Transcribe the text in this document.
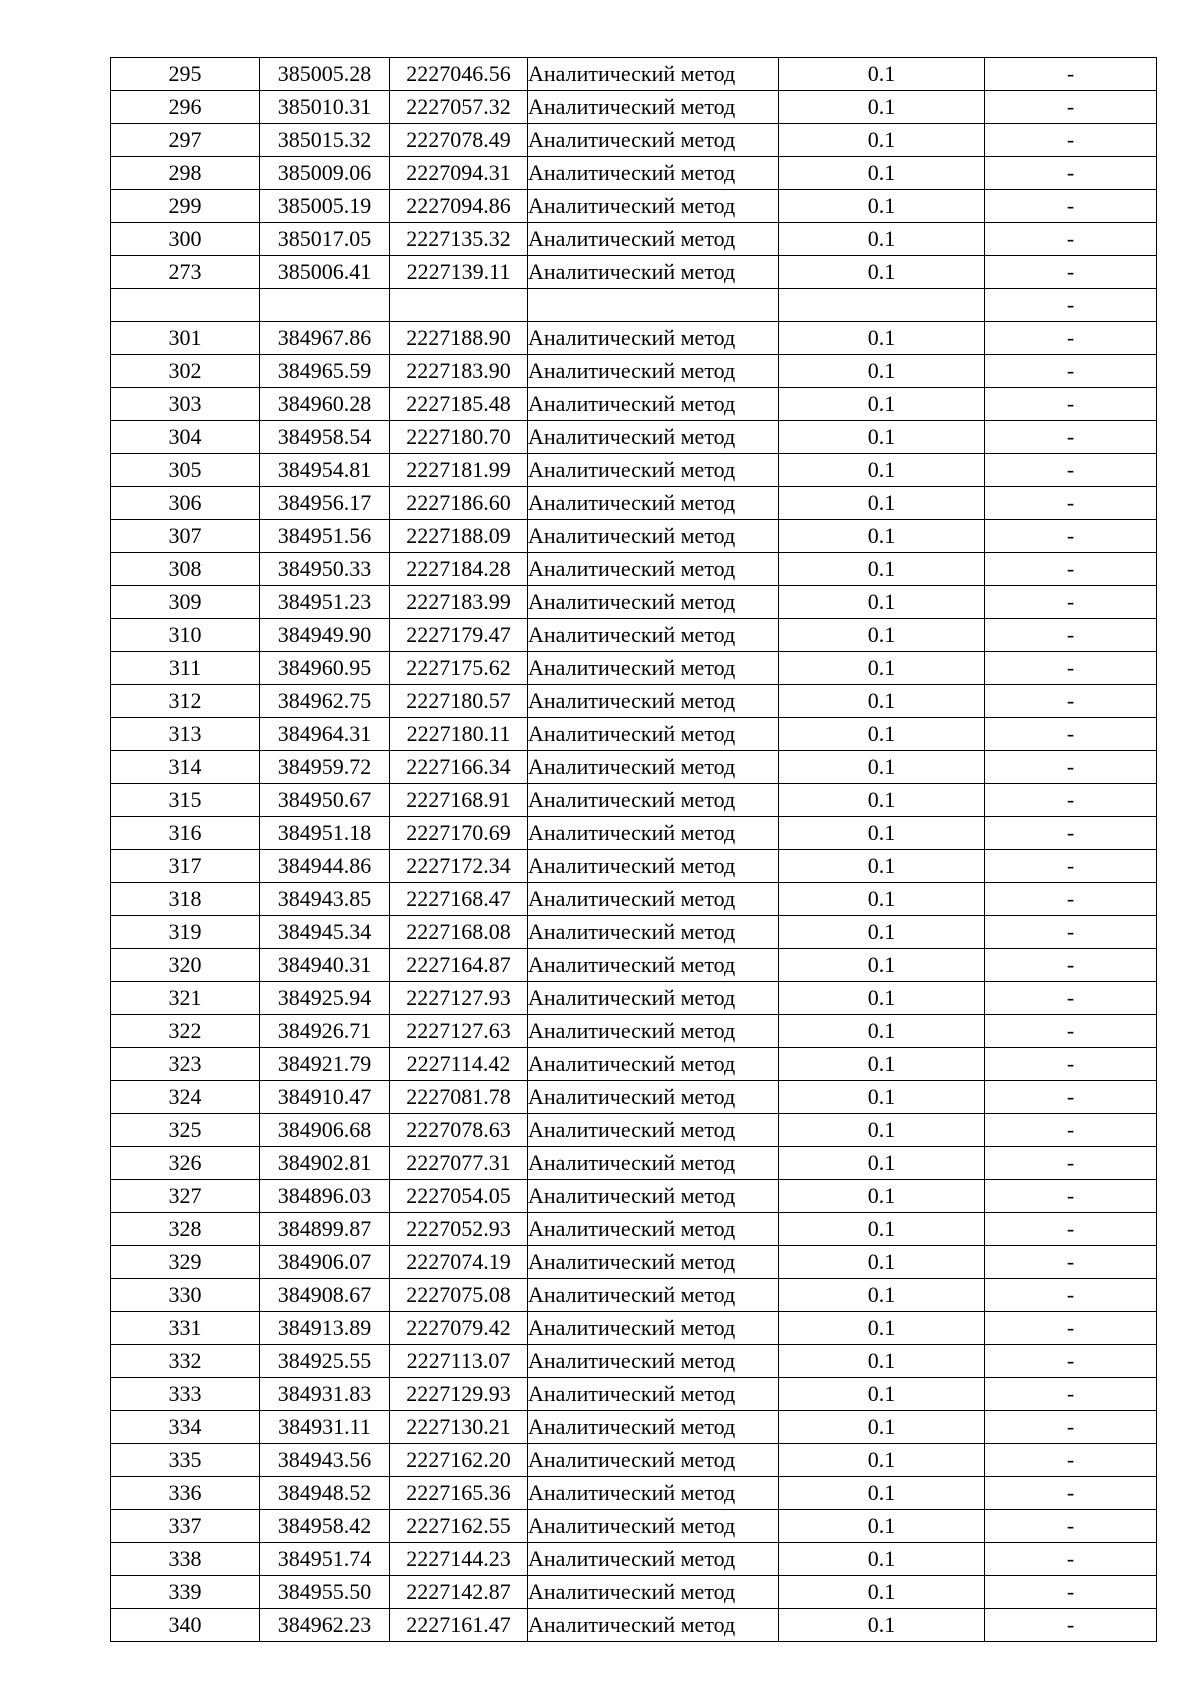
295	385005.28	2227046.56	Аналитический метод	0.1	-
296	385010.31	2227057.32	Аналитический метод	0.1	-
297	385015.32	2227078.49	Аналитический метод	0.1	-
298	385009.06	2227094.31	Аналитический метод	0.1	-
299	385005.19	2227094.86	Аналитический метод	0.1	-
300	385017.05	2227135.32	Аналитический метод	0.1	-
273	385006.41	2227139.11	Аналитический метод	0.1	-
					-
301	384967.86	2227188.90	Аналитический метод	0.1	-
302	384965.59	2227183.90	Аналитический метод	0.1	-
303	384960.28	2227185.48	Аналитический метод	0.1	-
304	384958.54	2227180.70	Аналитический метод	0.1	-
305	384954.81	2227181.99	Аналитический метод	0.1	-
306	384956.17	2227186.60	Аналитический метод	0.1	-
307	384951.56	2227188.09	Аналитический метод	0.1	-
308	384950.33	2227184.28	Аналитический метод	0.1	-
309	384951.23	2227183.99	Аналитический метод	0.1	-
310	384949.90	2227179.47	Аналитический метод	0.1	-
311	384960.95	2227175.62	Аналитический метод	0.1	-
312	384962.75	2227180.57	Аналитический метод	0.1	-
313	384964.31	2227180.11	Аналитический метод	0.1	-
314	384959.72	2227166.34	Аналитический метод	0.1	-
315	384950.67	2227168.91	Аналитический метод	0.1	-
316	384951.18	2227170.69	Аналитический метод	0.1	-
317	384944.86	2227172.34	Аналитический метод	0.1	-
318	384943.85	2227168.47	Аналитический метод	0.1	-
319	384945.34	2227168.08	Аналитический метод	0.1	-
320	384940.31	2227164.87	Аналитический метод	0.1	-
321	384925.94	2227127.93	Аналитический метод	0.1	-
322	384926.71	2227127.63	Аналитический метод	0.1	-
323	384921.79	2227114.42	Аналитический метод	0.1	-
324	384910.47	2227081.78	Аналитический метод	0.1	-
325	384906.68	2227078.63	Аналитический метод	0.1	-
326	384902.81	2227077.31	Аналитический метод	0.1	-
327	384896.03	2227054.05	Аналитический метод	0.1	-
328	384899.87	2227052.93	Аналитический метод	0.1	-
329	384906.07	2227074.19	Аналитический метод	0.1	-
330	384908.67	2227075.08	Аналитический метод	0.1	-
331	384913.89	2227079.42	Аналитический метод	0.1	-
332	384925.55	2227113.07	Аналитический метод	0.1	-
333	384931.83	2227129.93	Аналитический метод	0.1	-
334	384931.11	2227130.21	Аналитический метод	0.1	-
335	384943.56	2227162.20	Аналитический метод	0.1	-
336	384948.52	2227165.36	Аналитический метод	0.1	-
337	384958.42	2227162.55	Аналитический метод	0.1	-
338	384951.74	2227144.23	Аналитический метод	0.1	-
339	384955.50	2227142.87	Аналитический метод	0.1	-
340	384962.23	2227161.47	Аналитический метод	0.1	-
